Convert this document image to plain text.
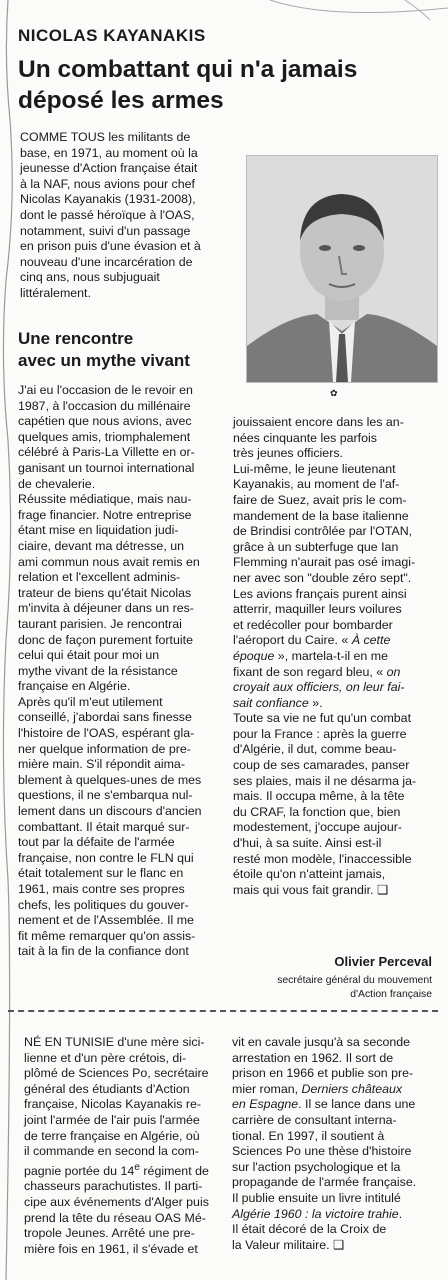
NICOLAS KAYANAKIS
Un combattant qui n'a jamais
déposé les armes
COMME TOUS les militants de
base, en 1971, au moment où la
jeunesse d'Action française était
à la NAF, nous avions pour chef
Nicolas Kayanakis (1931-2008),
dont le passé héroïque à l'OAS,
notamment, suivi d'un passage
en prison puis d'une évasion et à
nouveau d'une incarcération de
cinq ans, nous subjuguait
littéralement.
✿
Une rencontre
avec un mythe vivant
J'ai eu l'occasion de le revoir en
1987, à l'occasion du millénaire
capétien que nous avions, avec
quelques amis, triomphalement
célébré à Paris-La Villette en or-
ganisant un tournoi international
de chevalerie.
Réussite médiatique, mais nau-
frage financier. Notre entreprise
étant mise en liquidation judi-
ciaire, devant ma détresse, un
ami commun nous avait remis en
relation et l'excellent adminis-
trateur de biens qu'était Nicolas
m'invita à déjeuner dans un res-
taurant parisien. Je rencontrai
donc de façon purement fortuite
celui qui était pour moi un
mythe vivant de la résistance
française en Algérie.
Après qu'il m'eut utilement
conseillé, j'abordai sans finesse
l'histoire de l'OAS, espérant gla-
ner quelque information de pre-
mière main. S'il répondit aima-
blement à quelques-unes de mes
questions, il ne s'embarqua nul-
lement dans un discours d'ancien
combattant. Il était marqué sur-
tout par la défaite de l'armée
française, non contre le FLN qui
était totalement sur le flanc en
1961, mais contre ses propres
chefs, les politiques du gouver-
nement et de l'Assemblée. Il me
fit même remarquer qu'on assis-
tait à la fin de la confiance dont
jouissaient encore dans les an-
nées cinquante les parfois
très jeunes officiers.
Lui-même, le jeune lieutenant
Kayanakis, au moment de l'af-
faire de Suez, avait pris le com-
mandement de la base italienne
de Brindisi contrôlée par l'OTAN,
grâce à un subterfuge que Ian
Flemming n'aurait pas osé imagi-
ner avec son "double zéro sept".
Les avions français purent ainsi
atterrir, maquiller leurs voilures
et redécoller pour bombarder
l'aéroport du Caire. « À cette
époque », martela-t-il en me
fixant de son regard bleu, « on
croyait aux officiers, on leur fai-
sait confiance ».
Toute sa vie ne fut qu'un combat
pour la France : après la guerre
d'Algérie, il dut, comme beau-
coup de ses camarades, panser
ses plaies, mais il ne désarma ja-
mais. Il occupa même, à la tête
du CRAF, la fonction que, bien
modestement, j'occupe aujour-
d'hui, à sa suite. Ainsi est-il
resté mon modèle, l'inaccessible
étoile qu'on n'atteint jamais,
mais qui vous fait grandir. ❑
Olivier Perceval
secrétaire général du mouvement
d'Action française
NÉ EN TUNISIE d'une mère sici-
lienne et d'un père crétois, di-
plômé de Sciences Po, secrétaire
général des étudiants d'Action
française, Nicolas Kayanakis re-
joint l'armée de l'air puis l'armée
de terre française en Algérie, où
il commande en second la com-
pagnie portée du 14e régiment de
chasseurs parachutistes. Il parti-
cipe aux événements d'Alger puis
prend la tête du réseau OAS Mé-
tropole Jeunes. Arrêté une pre-
mière fois en 1961, il s'évade et
vit en cavale jusqu'à sa seconde
arrestation en 1962. Il sort de
prison en 1966 et publie son pre-
mier roman, Derniers châteaux
en Espagne. Il se lance dans une
carrière de consultant interna-
tional. En 1997, il soutient à
Sciences Po une thèse d'histoire
sur l'action psychologique et la
propagande de l'armée française.
Il publie ensuite un livre intitulé
Algérie 1960 : la victoire trahie.
Il était décoré de la Croix de
la Valeur militaire. ❑
